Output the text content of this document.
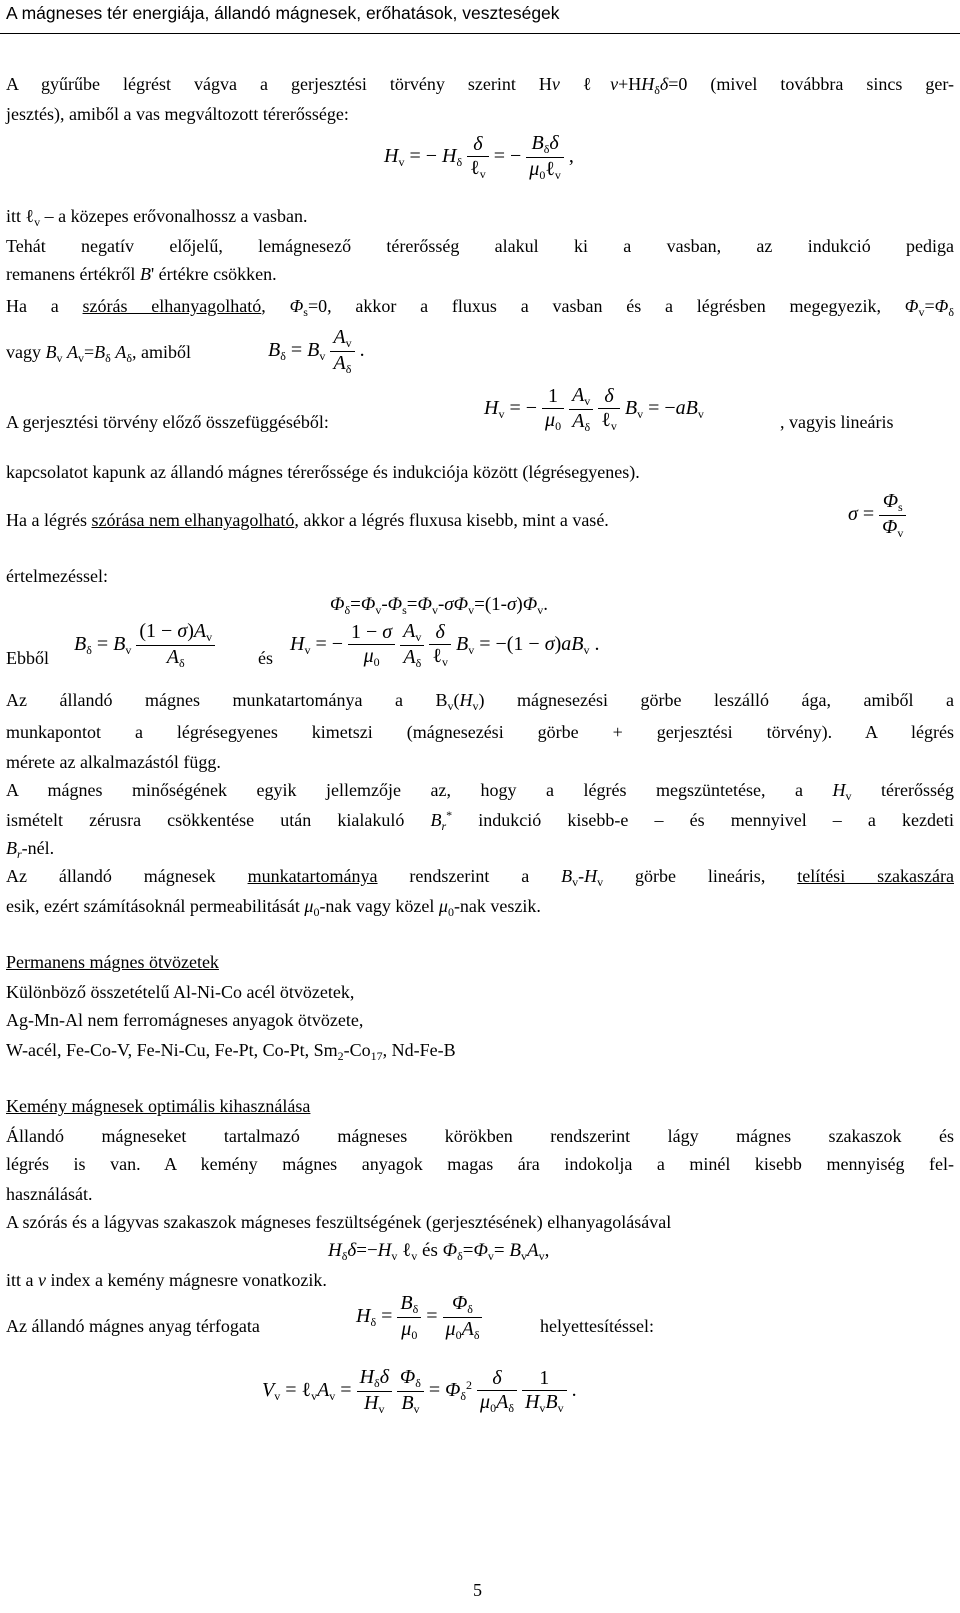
A mágneses tér energiája, állandó mágnesek, erőhatások, veszteségek
A gyűrűbe légrést vágva a gerjesztési törvény szerint Hv $\ell v+HH_\delta\delta=0$ (mivel továbbra sincs ger-
jesztés), amiből a vas megváltozott térerőssége:
$H_v$ = − $H_\delta \frac{\delta}{\ell_v}$ = − $\frac{B_\delta\delta}{\mu_0\ell_v}$ ,
itt ℓ$_v$ – a közepes erővonalhossz a vasban.
Tehát negatív előjelű, lemágnesező térerősség alakul ki a vasban, az indukció pediga
remanens értékről B' értékre csökken.
Ha a szórás elhanyagolható, $\Phi_s=0$, akkor a fluxus a vasban és a légrésben megegyezik, $\Phi_v=\Phi_\delta$
vagy $B_v$ $A_v=B_\delta$ $A_\delta$, amiből	$B_\delta = B_v \frac{A_v}{A_\delta}$ .
A gerjesztési törvény előző összefüggéséből:
$H_v$ = − $\frac{1}{\mu_0}$
$\frac{A_v}{A_\delta}$
$\frac{\delta}{\ell_v} B_v = -aB_v$	, vagyis lineáris
kapcsolatot kapunk az állandó mágnes térerőssége és indukciója között (légrésegyenes).
Ha a légrés szórása nem elhanyagolható, akkor a légrés fluxusa kisebb, mint a vasé.	$\sigma = \frac{\Phi_s}{\Phi_v}$
értelmezéssel:
$\Phi_\delta=\Phi_v-\Phi_s=\Phi_v-\sigma\Phi_v=(1-\sigma)\Phi_v$.
Ebből
$B_\delta = B_v \frac{(1 - \sigma)A_v}{A_\delta}$ és
$H_v$ = − $\frac{1 - \sigma}{\mu_0}$
$\frac{A_v}{A_\delta}$
$\frac{\delta}{\ell_v} B_v = -(1 - \sigma)aB_v$ .
Az állandó mágnes munkatartománya a $B_v(H_v)$ mágnesezési görbe leszálló ága, amiből a
munkapontot a légrésegyenes kimetszi (mágnesezési görbe + gerjesztési törvény). A légrés
mérete az alkalmazástól függ.
A mágnes minőségének egyik jellemzője az, hogy a légrés megszüntetése, a $H_v$ térerősség
ismételt zérusra csökkentése után kialakuló $B_r^*$ indukció kisebb-e – és mennyivel – a kezdeti
$B_r$-nél.
Az állandó mágnesek munkatartománya rendszerint a $B_v-H_v$ görbe lineáris, telítési szakaszára
esik, ezért számításoknál permeabilitását $\mu_0$-nak vagy közel $\mu_0$-nak veszik.
Permanens mágnes ötvözetek
Különböző összetételű Al-Ni-Co acél ötvözetek,
Ag-Mn-Al nem ferromágneses anyagok ötvözete,
W-acél, Fe-Co-V, Fe-Ni-Cu, Fe-Pt, Co-Pt, $Sm_2-Co_{17}$, Nd-Fe-B
Kemény mágnesek optimális kihasználása
Állandó mágneseket tartalmazó mágneses körökben rendszerint lágy mágnes szakaszok és
légrés is van. A kemény mágnes anyagok magas ára indokolja a minél kisebb mennyiség fel-
használását.
A szórás és a lágyvas szakaszok mágneses feszültségének (gerjesztésének) elhanyagolásával
$H_\delta\delta=-H_v$ ℓ$_v$ és $\Phi_\delta=\Phi_v= B_vA_v$,
itt a v index a kemény mágnesre vonatkozik.
Az állandó mágnes anyag térfogata	$H_\delta = \frac{B_\delta}{\mu_0} = \frac{\Phi_\delta}{\mu_0A_\delta}$	helyettesítéssel:
$V_v$ = $\ell_vA_v = \frac{H_\delta\delta}{H_v}$
$\frac{\Phi_\delta}{B_v} = \Phi_\delta^2 \frac{\delta}{\mu_0A_\delta}$
$\frac{1}{H_vB_v}$ .
5
